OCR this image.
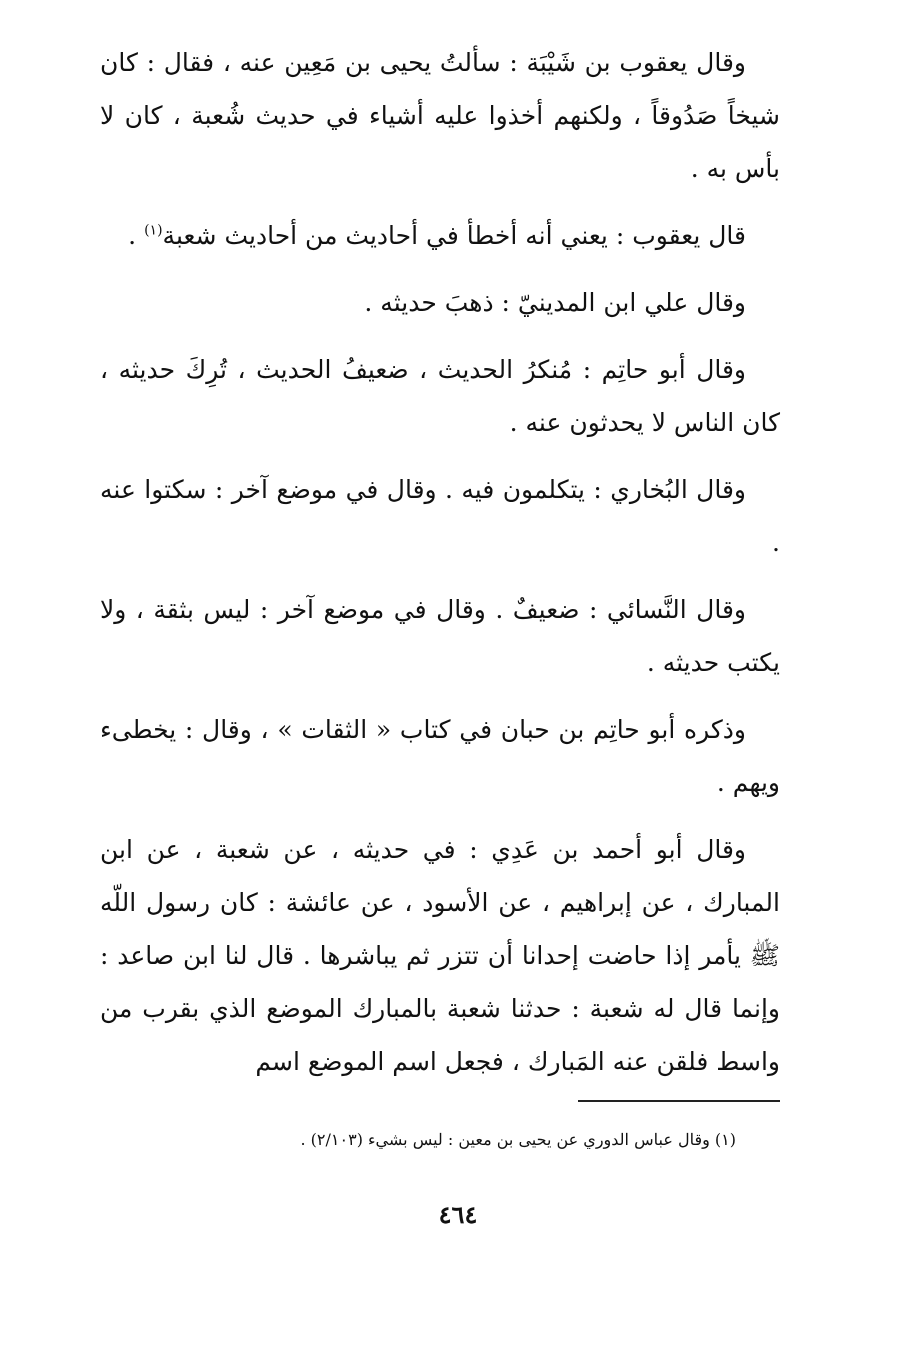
وقال يعقوب بن شَيْبَة : سألتُ يحيى بن مَعِين عنه ، فقال : كان شيخاً صَدُوقاً ، ولكنهم أخذوا عليه أشياء في حديث شُعبة ، كان لا بأس به .

قال يعقوب : يعني أنه أخطأ في أحاديث من أحاديث شعبة$^{(١)}$ .

وقال علي ابن المدينيّ : ذهبَ حديثه .

وقال أبو حاتِم : مُنكرُ الحديث ، ضعيفُ الحديث ، تُرِكَ حديثه ، كان الناس لا يحدثون عنه .

وقال البُخاري : يتكلمون فيه . وقال في موضع آخر : سكتوا عنه .

وقال النَّسائي : ضعيفٌ . وقال في موضع آخر : ليس بثقة ، ولا يكتب حديثه .

وذكره أبو حاتِم بن حبان في كتاب « الثقات » ، وقال : يخطىء ويهم .

وقال أبو أحمد بن عَدِي : في حديثه ، عن شعبة ، عن ابن المبارك ، عن إبراهيم ، عن الأسود ، عن عائشة : كان رسول اللّه ﷺ يأمر إذا حاضت إحدانا أن تتزر ثم يباشرها . قال لنا ابن صاعد : وإنما قال له شعبة : حدثنا شعبة بالمبارك الموضع الذي بقرب من واسط فلقن عنه المَبارك ، فجعل اسم الموضع اسم

(١) وقال عباس الدوري عن يحيى بن معين : ليس بشيء (٢/١٠٣) .
٤٦٤
